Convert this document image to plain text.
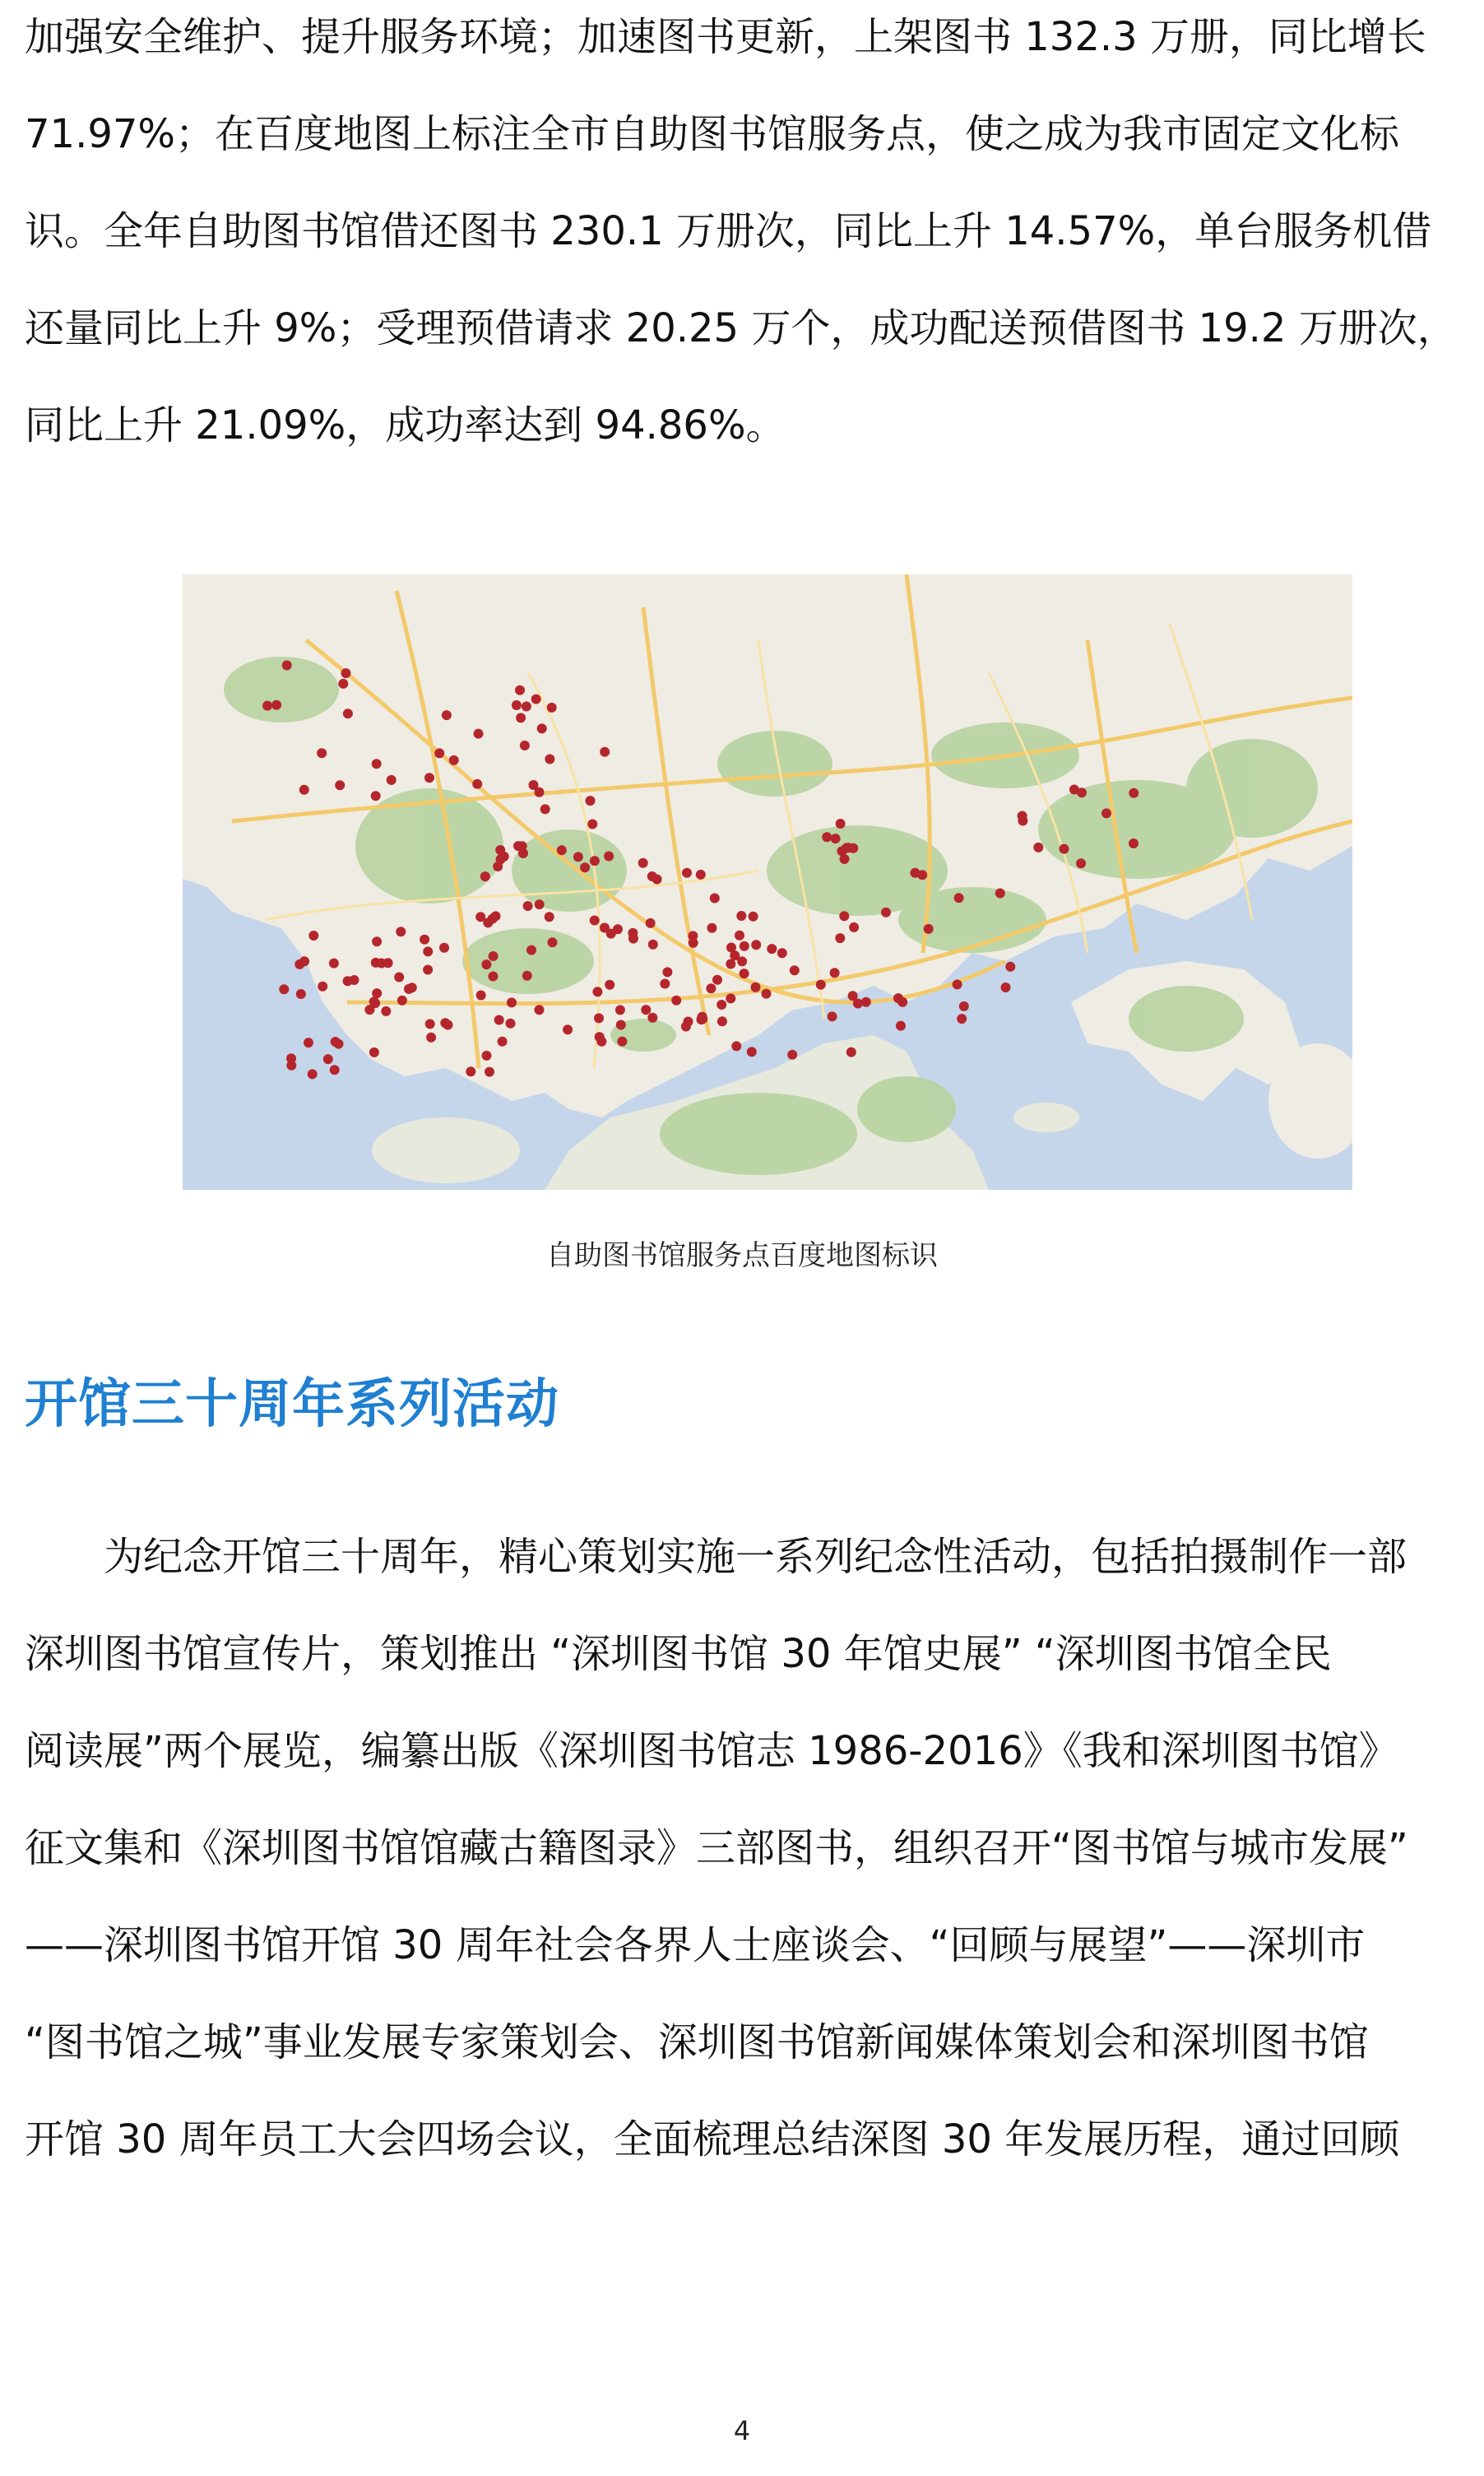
加强安全维护、提升服务环境；加速图书更新，上架图书 132.3 万册，同比增长
71.97%；在百度地图上标注全市自助图书馆服务点，使之成为我市固定文化标
识。全年自助图书馆借还图书 230.1 万册次，同比上升 14.57%，单台服务机借
还量同比上升 9%；受理预借请求 20.25 万个，成功配送预借图书 19.2 万册次，
同比上升 21.09%，成功率达到 94.86%。
自助图书馆服务点百度地图标识
开馆三十周年系列活动
　　为纪念开馆三十周年，精心策划实施一系列纪念性活动，包括拍摄制作一部
深圳图书馆宣传片，策划推出 “深圳图书馆 30 年馆史展” “深圳图书馆全民
阅读展”两个展览，编纂出版《深圳图书馆志 1986-2016》《我和深圳图书馆》
征文集和《深圳图书馆馆藏古籍图录》三部图书，组织召开“图书馆与城市发展”
——深圳图书馆开馆 30 周年社会各界人士座谈会、“回顾与展望”——深圳市
“图书馆之城”事业发展专家策划会、深圳图书馆新闻媒体策划会和深圳图书馆
开馆 30 周年员工大会四场会议，全面梳理总结深图 30 年发展历程，通过回顾
4
